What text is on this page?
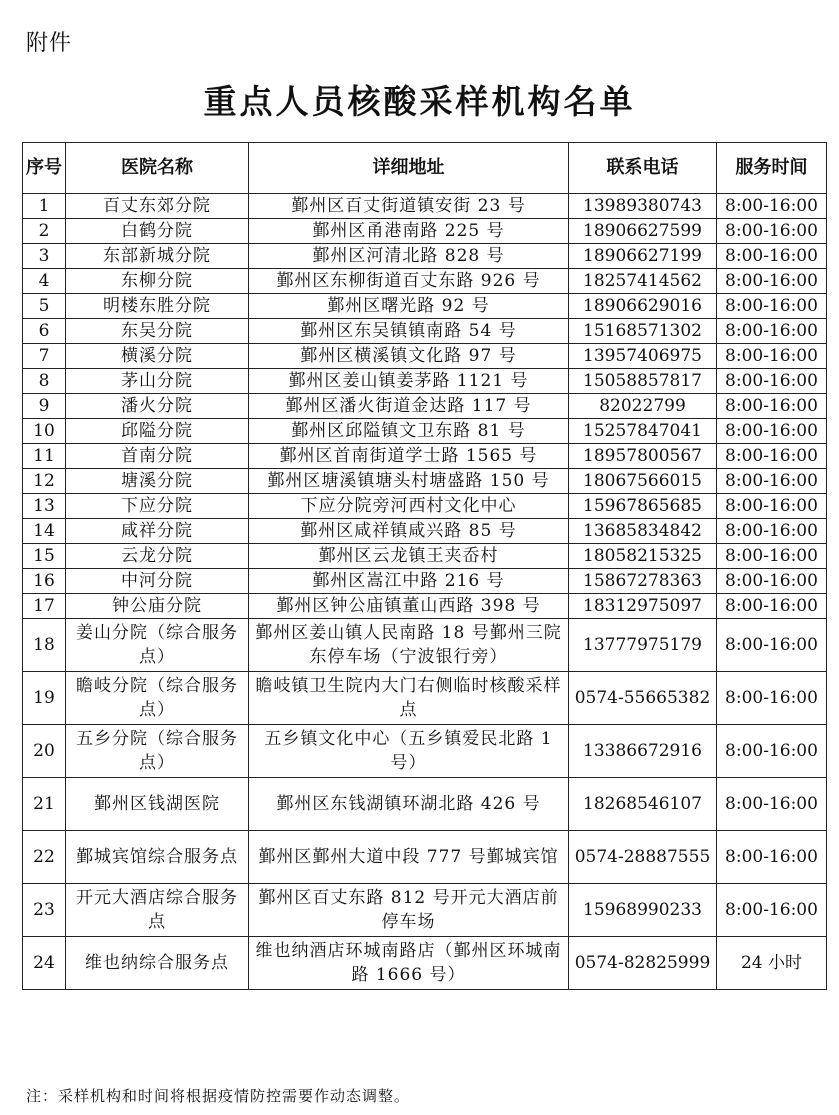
附件
重点人员核酸采样机构名单
序号	医院名称	详细地址	联系电话	服务时间
1	百丈东郊分院	鄞州区百丈街道镇安街 23 号	13989380743	8:00-16:00
2	白鹤分院	鄞州区甬港南路 225 号	18906627599	8:00-16:00
3	东部新城分院	鄞州区河清北路 828 号	18906627199	8:00-16:00
4	东柳分院	鄞州区东柳街道百丈东路 926 号	18257414562	8:00-16:00
5	明楼东胜分院	鄞州区曙光路 92 号	18906629016	8:00-16:00
6	东吴分院	鄞州区东吴镇镇南路 54 号	15168571302	8:00-16:00
7	横溪分院	鄞州区横溪镇文化路 97 号	13957406975	8:00-16:00
8	茅山分院	鄞州区姜山镇姜茅路 1121 号	15058857817	8:00-16:00
9	潘火分院	鄞州区潘火街道金达路 117 号	82022799	8:00-16:00
10	邱隘分院	鄞州区邱隘镇文卫东路 81 号	15257847041	8:00-16:00
11	首南分院	鄞州区首南街道学士路 1565 号	18957800567	8:00-16:00
12	塘溪分院	鄞州区塘溪镇塘头村塘盛路 150 号	18067566015	8:00-16:00
13	下应分院	下应分院旁河西村文化中心	15967865685	8:00-16:00
14	咸祥分院	鄞州区咸祥镇咸兴路 85 号	13685834842	8:00-16:00
15	云龙分院	鄞州区云龙镇王夹岙村	18058215325	8:00-16:00
16	中河分院	鄞州区嵩江中路 216 号	15867278363	8:00-16:00
17	钟公庙分院	鄞州区钟公庙镇董山西路 398 号	18312975097	8:00-16:00
18	姜山分院（综合服务点）	鄞州区姜山镇人民南路 18 号鄞州三院东停车场（宁波银行旁）	13777975179	8:00-16:00
19	瞻岐分院（综合服务点）	瞻岐镇卫生院内大门右侧临时核酸采样点	0574-55665382	8:00-16:00
20	五乡分院（综合服务点）	五乡镇文化中心（五乡镇爱民北路 1 号）	13386672916	8:00-16:00
21	鄞州区钱湖医院	鄞州区东钱湖镇环湖北路 426 号	18268546107	8:00-16:00
22	鄞城宾馆综合服务点	鄞州区鄞州大道中段 777 号鄞城宾馆	0574-28887555	8:00-16:00
23	开元大酒店综合服务点	鄞州区百丈东路 812 号开元大酒店前停车场	15968990233	8:00-16:00
24	维也纳综合服务点	维也纳酒店环城南路店（鄞州区环城南路 1666 号）	0574-82825999	24 小时
注：采样机构和时间将根据疫情防控需要作动态调整。
